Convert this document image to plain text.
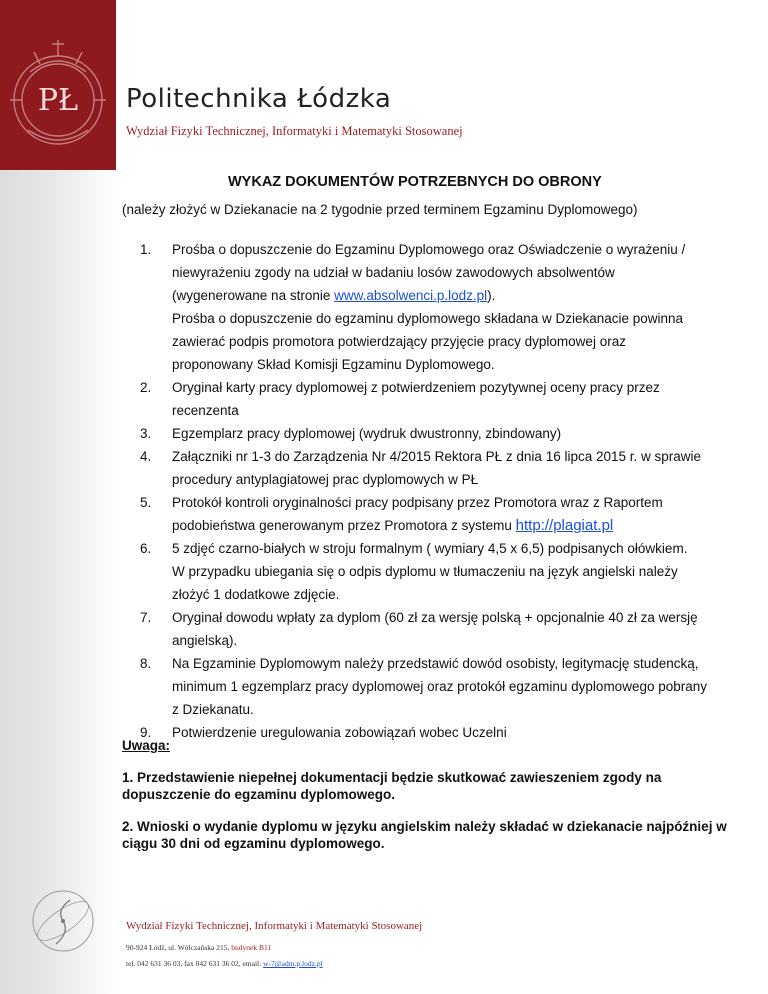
PŁ Politechnika Łódzka
Wydział Fizyki Technicznej, Informatyki i Matematyki Stosowanej
WYKAZ DOKUMENTÓW POTRZEBNYCH DO OBRONY
(należy złożyć w Dziekanacie na 2 tygodnie przed terminem Egzaminu Dyplomowego)
1. Prośba o dopuszczenie do Egzaminu Dyplomowego oraz Oświadczenie o wyrażeniu /
niewyrażeniu zgody na udział w badaniu losów zawodowych absolwentów
(wygenerowane na stronie www.absolwenci.p.lodz.pl).
Prośba o dopuszczenie do egzaminu dyplomowego składana w Dziekanacie powinna
zawierać podpis promotora potwierdzający przyjęcie pracy dyplomowej oraz
proponowany Skład Komisji Egzaminu Dyplomowego.
2. Oryginał karty pracy dyplomowej z potwierdzeniem pozytywnej oceny pracy przez
recenzenta
3. Egzemplarz pracy dyplomowej (wydruk dwustronny, zbindowany)
4. Załączniki nr 1-3 do Zarządzenia Nr 4/2015 Rektora PŁ z dnia 16 lipca 2015 r. w sprawie
procedury antyplagiatowej prac dyplomowych w PŁ
5. Protokół kontroli oryginalności pracy podpisany przez Promotora wraz z Raportem
podobieństwa generowanym przez Promotora z systemu http://plagiat.pl
6. 5 zdjęć czarno-białych w stroju formalnym ( wymiary 4,5 x 6,5) podpisanych ołówkiem.
W przypadku ubiegania się o odpis dyplomu w tłumaczeniu na język angielski należy
złożyć 1 dodatkowe zdjęcie.
7. Oryginał dowodu wpłaty za dyplom (60 zł za wersję polską + opcjonalnie 40 zł za wersję
angielską).
8. Na Egzaminie Dyplomowym należy przedstawić dowód osobisty, legitymację studencką,
minimum 1 egzemplarz pracy dyplomowej oraz protokół egzaminu dyplomowego pobrany
z Dziekanatu.
9. Potwierdzenie uregulowania zobowiązań wobec Uczelni
Uwaga:
1. Przedstawienie niepełnej dokumentacji będzie skutkować zawieszeniem zgody na dopuszczenie do egzaminu dyplomowego.
2. Wnioski o wydanie dyplomu w języku angielskim należy składać w dziekanacie najpóźniej w ciągu 30 dni od egzaminu dyplomowego.
Wydział Fizyki Technicznej, Informatyki i Matematyki Stosowanej
90-924 Łódź, ul. Wólczańska 215, budynek B11
tel. 042 631 36 03, fax 042 631 36 02, email: w-7@adm.p.lodz.pl
